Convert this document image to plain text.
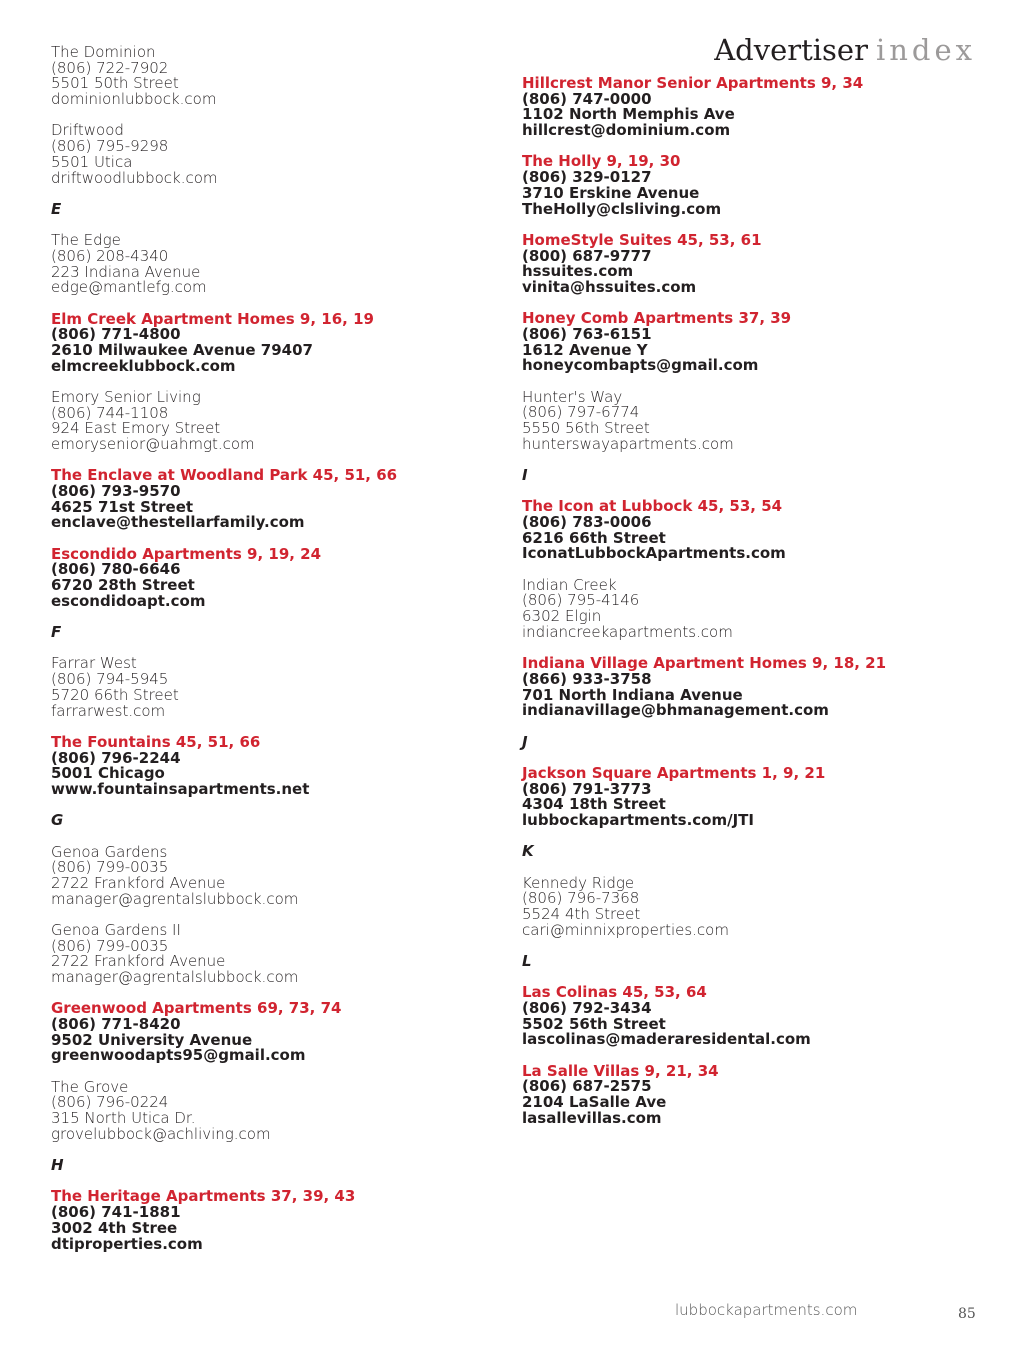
Advertiser index
The Dominion
(806) 722-7902
5501 50th Street
dominionlubbock.com
Driftwood
(806) 795-9298
5501 Utica
driftwoodlubbock.com
E
The Edge
(806) 208-4340
223 Indiana Avenue
edge@mantlefg.com
Elm Creek Apartment Homes 9, 16, 19
(806) 771-4800
2610 Milwaukee Avenue 79407
elmcreeklubbock.com
Emory Senior Living
(806) 744-1108
924 East Emory Street
emorysenior@uahmgt.com
The Enclave at Woodland Park 45, 51, 66
(806) 793-9570
4625 71st Street
enclave@thestellarfamily.com
Escondido Apartments 9, 19, 24
(806) 780-6646
6720 28th Street
escondidoapt.com
F
Farrar West
(806) 794-5945
5720 66th Street
farrarwest.com
The Fountains 45, 51, 66
(806) 796-2244
5001 Chicago
www.fountainsapartments.net
G
Genoa Gardens
(806) 799-0035
2722 Frankford Avenue
manager@agrentalslubbock.com
Genoa Gardens II
(806) 799-0035
2722 Frankford Avenue
manager@agrentalslubbock.com
Greenwood Apartments 69, 73, 74
(806) 771-8420
9502 University Avenue
greenwoodapts95@gmail.com
The Grove
(806) 796-0224
315 North Utica Dr.
grovelubbock@achliving.com
H
The Heritage Apartments 37, 39, 43
(806) 741-1881
3002 4th Stree
dtiproperties.com
Hillcrest Manor Senior Apartments 9, 34
(806) 747-0000
1102 North Memphis Ave
hillcrest@dominium.com
The Holly 9, 19, 30
(806) 329-0127
3710 Erskine Avenue
TheHolly@clsliving.com
HomeStyle Suites 45, 53, 61
(800) 687-9777
hssuites.com
vinita@hssuites.com
Honey Comb Apartments 37, 39
(806) 763-6151
1612 Avenue Y
honeycombapts@gmail.com
Hunter's Way
(806) 797-6774
5550 56th Street
hunterswayapartments.com
I
The Icon at Lubbock 45, 53, 54
(806) 783-0006
6216 66th Street
IconatLubbockApartments.com
Indian Creek
(806) 795-4146
6302 Elgin
indiancreekapartments.com
Indiana Village Apartment Homes 9, 18, 21
(866) 933-3758
701 North Indiana Avenue
indianavillage@bhmanagement.com
J
Jackson Square Apartments 1, 9, 21
(806) 791-3773
4304 18th Street
lubbockapartments.com/JTI
K
Kennedy Ridge
(806) 796-7368
5524 4th Street
cari@minnixproperties.com
L
Las Colinas 45, 53, 64
(806) 792-3434
5502 56th Street
lascolinas@maderaresidental.com
La Salle Villas 9, 21, 34
(806) 687-2575
2104 LaSalle Ave
lasallevillas.com
lubbockapartments.com	85
